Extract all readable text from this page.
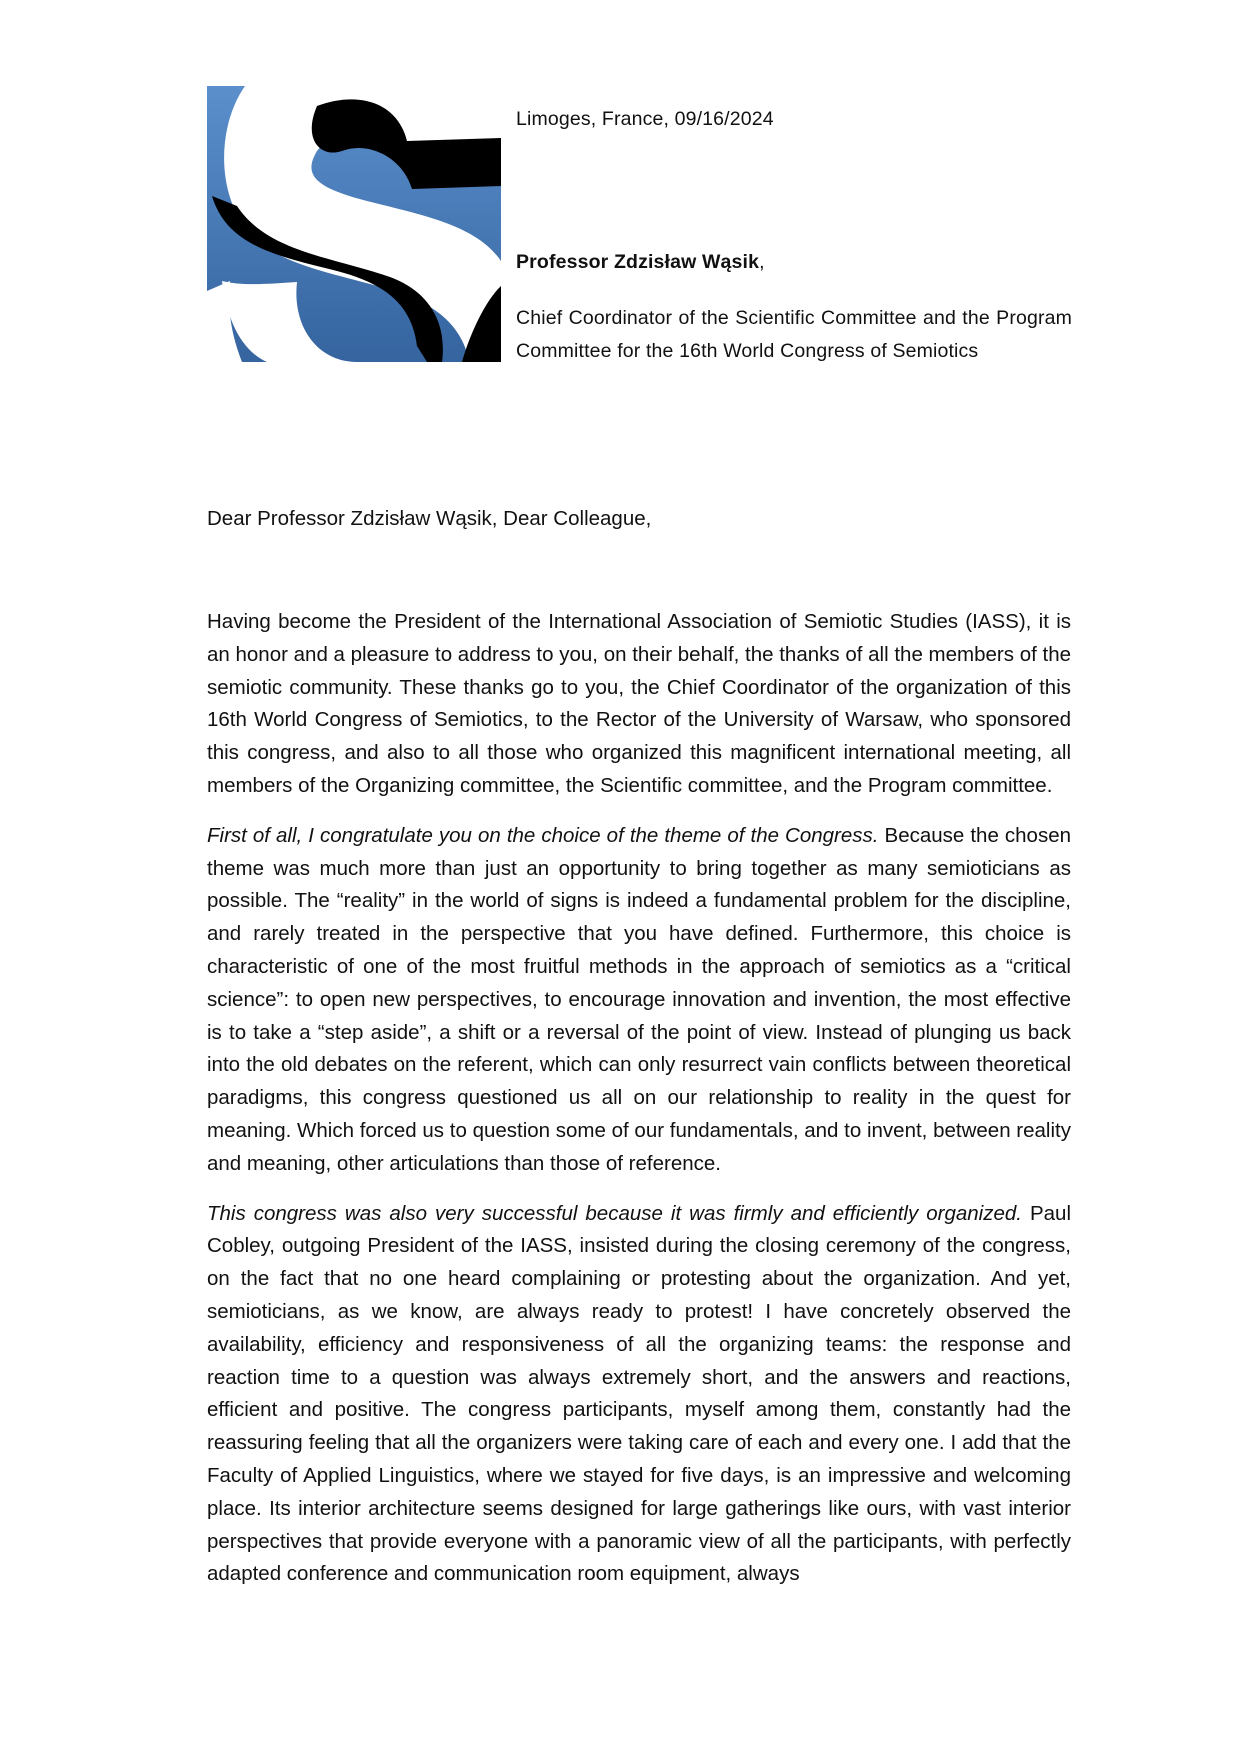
Limoges, France, 09/16/2024
Professor Zdzisław Wąsik,
Chief Coordinator of the Scientific Committee and the Program Committee for the 16th World Congress of Semiotics
Dear Professor Zdzisław Wąsik, Dear Colleague,

Having become the President of the International Association of Semiotic Studies (IASS), it is an honor and a pleasure to address to you, on their behalf, the thanks of all the members of the semiotic community. These thanks go to you, the Chief Coordinator of the organization of this 16th World Congress of Semiotics, to the Rector of the University of Warsaw, who sponsored this congress, and also to all those who organized this magnificent international meeting, all members of the Organizing committee, the Scientific committee, and the Program committee.

First of all, I congratulate you on the choice of the theme of the Congress. Because the chosen theme was much more than just an opportunity to bring together as many semioticians as possible. The “reality” in the world of signs is indeed a fundamental problem for the discipline, and rarely treated in the perspective that you have defined. Furthermore, this choice is characteristic of one of the most fruitful methods in the approach of semiotics as a “critical science”: to open new perspectives, to encourage innovation and invention, the most effective is to take a “step aside”, a shift or a reversal of the point of view. Instead of plunging us back into the old debates on the referent, which can only resurrect vain conflicts between theoretical paradigms, this congress questioned us all on our relationship to reality in the quest for meaning. Which forced us to question some of our fundamentals, and to invent, between reality and meaning, other articulations than those of reference.

This congress was also very successful because it was firmly and efficiently organized. Paul Cobley, outgoing President of the IASS, insisted during the closing ceremony of the congress, on the fact that no one heard complaining or protesting about the organization. And yet, semioticians, as we know, are always ready to protest! I have concretely observed the availability, efficiency and responsiveness of all the organizing teams: the response and reaction time to a question was always extremely short, and the answers and reactions, efficient and positive. The congress participants, myself among them, constantly had the reassuring feeling that all the organizers were taking care of each and every one. I add that the Faculty of Applied Linguistics, where we stayed for five days, is an impressive and welcoming place. Its interior architecture seems designed for large gatherings like ours, with vast interior perspectives that provide everyone with a panoramic view of all the participants, with perfectly adapted conference and communication room equipment, always
